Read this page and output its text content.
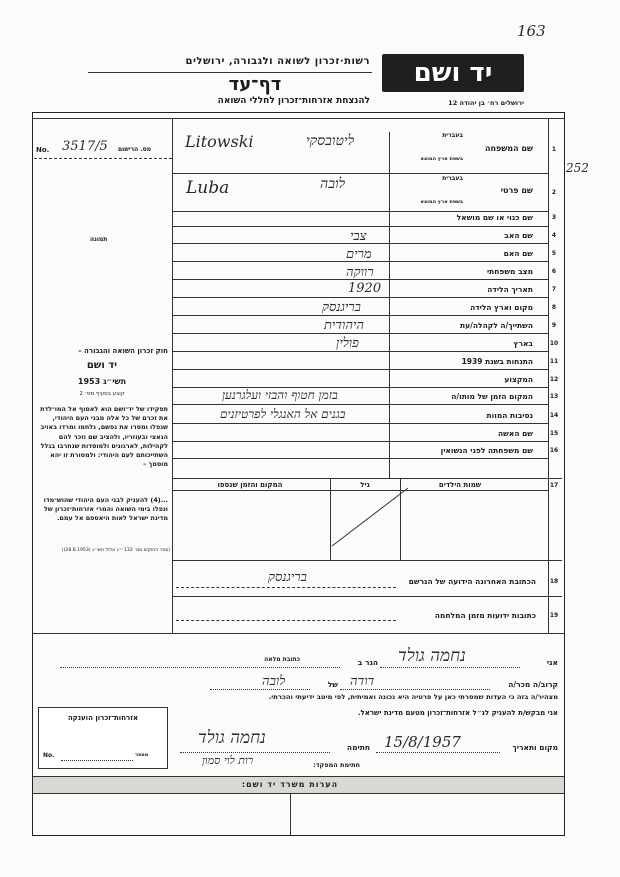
163
252
רשות·זכרון לשואה ולגבורה, ירושלים	יד ושם
דף־עד
להנצחת אזרחות־זכרון לחללי השואה	ירושלים רח׳ בן יהודה 12
No. 3517/5 מס. הרישום
תמונה
1
שם המשפחה
בעברית
בשפת ארץ המוצא
ליטובסקי
Litowski
2
שם פרטי
בעברית
בשפת ארץ המוצא
לובה
Luba
שם כנוי או שם מושאל	3
שם האב	4
צבי
שם האם	5
מרים
מצב משפחתי	6
רווקה
תאריך הלידה	7
1920
מקום וארץ הלידה	8
בריגנסק
השתייך/ה לקהלה/עת	9
היהודית
בארץ	10
פולין
התנחות בשנת 1939	11
המקצוע	12
המקום הזמן של מותו/ה	13
בזמן חטוף והבזי ועלגרנען
נסיבות המוות	14
בגנים אל האנגלי לפרטיזנים
שם האשה	15
שם משפחתה לפני הנשואין	16
חוק זכרון השואה והגבורה –
יד ושם
תשי״ג 1953
קובע בסעיף מס׳ 2
תפקידו של יד־ושם הוא לאסוף אל המו־לדת את זכרם של כל אלה מבני העם היהודי, שנפלו ומסרו את נפשם, נלחמו ומרדו באויב הנאצי ובעוזריו, ולהציב שם וזכר להם לקהילות, לארגונים ולמוסדות שנחרבו בגלל השתייכותם לעם היהודי: ולמסורת זו יהא מוסמך –
...(4) להעניק לבני העם היהודי שהוש־מדו ונפלו בימי השואה והמרי אזרחות־זכרון של מדינת ישראל לאות היאספם אל עמם.
(ספר החוקים מס׳ 132 י״ג אלול תשי״ג (28.8.1953))
17
שמות הילדים
גיל
המקום והזמן שנספו
18
הכתובת האחרונה הידועה של הנרשם
בריגנסק
19
כתובות ידועות מזמן המלחמה
אני
נחמה גולד
הגר ב
כתובת מלאה
קרוב/ה מכר/ה
דודה
של
לובה
מצהיר/ה בזה כי העדות שמסרתי כאן על פרטיה היא נכונה ואמיתית, לפי מיטב ידיעתי והכרתי.
אזרחות־זכרון הוענקה
No.	מספר
אני מבקש/ת להעניק לנ״ל אזרחות־זכרון מטעם מדינת ישראל.
מקום ותאריך
15/8/1957
חתימה
נחמה גולד
חתימת המפקד:
רות לוי סמון
הערות משרד יד ושם:
